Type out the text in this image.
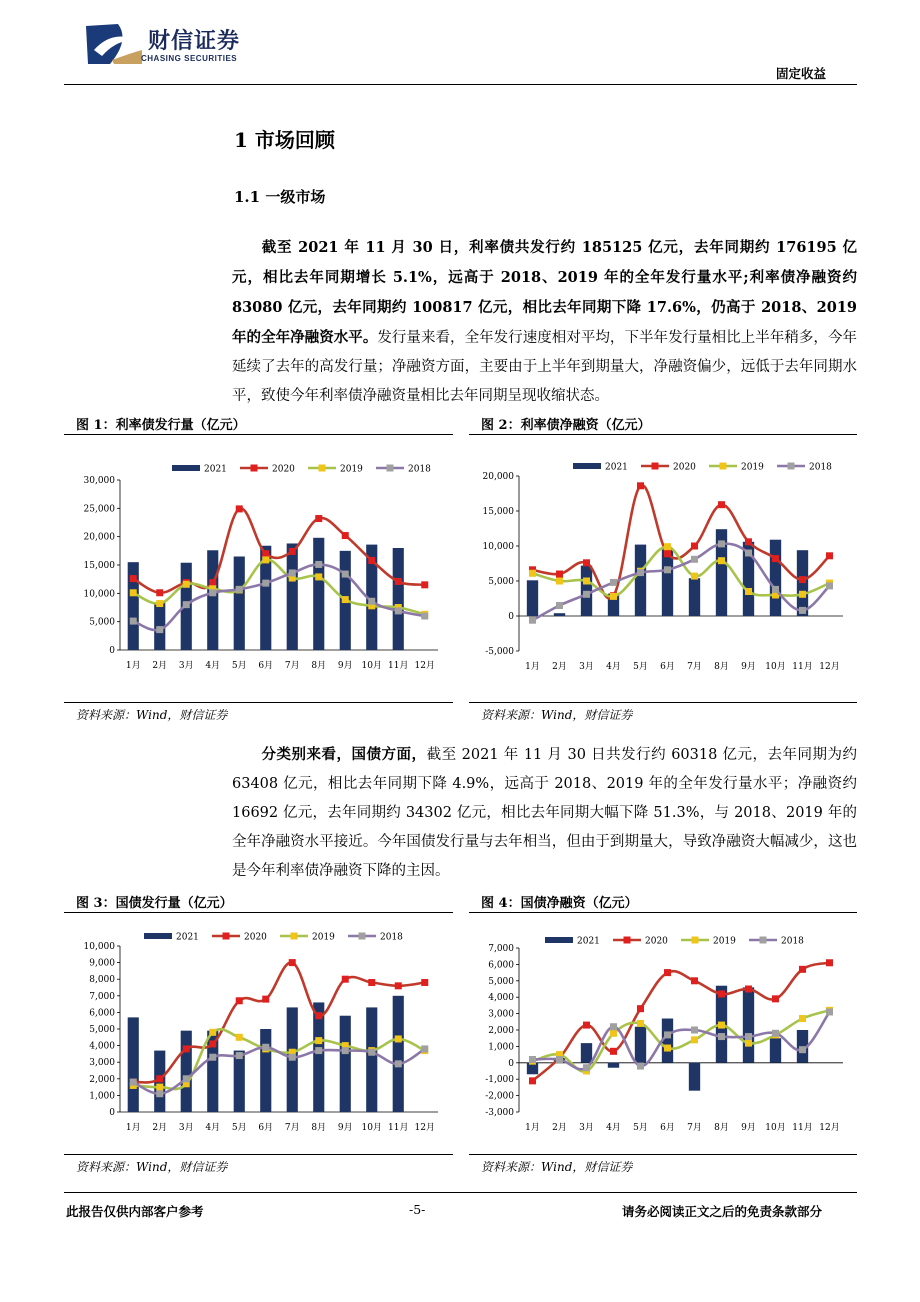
财信证券
CHASING SECURITIES
固定收益
1 市场回顾
1.1 一级市场
截至 2021 年 11 月 30 日，利率债共发行约 185125 亿元，去年同期约 176195 亿元，相比去年同期增长 5.1%，远高于 2018、2019 年的全年发行量水平;利率债净融资约 83080 亿元，去年同期约 100817 亿元，相比去年同期下降 17.6%，仍高于 2018、2019 年的全年净融资水平。发行量来看，全年发行速度相对平均，下半年发行量相比上半年稍多，今年延续了去年的高发行量；净融资方面，主要由于上半年到期量大，净融资偏少，远低于去年同期水平，致使今年利率债净融资量相比去年同期呈现收缩状态。
图 1：利率债发行量（亿元）	图 2：利率债净融资（亿元）
0
5,000
10,000
15,000
20,000
25,000
30,000
1月 2月 3月 4月 5月 6月 7月 8月 9月 10月 11月 12月
2021	2020	2019	2018
-5,000
0
5,000
10,000
15,000
20,000
1月 2月 3月 4月 5月 6月 7月 8月 9月 10月 11月 12月
2021	2020	2019	2018
资料来源：Wind，财信证券	资料来源：Wind，财信证券
分类别来看，国债方面，截至 2021 年 11 月 30 日共发行约 60318 亿元，去年同期为约 63408 亿元，相比去年同期下降 4.9%，远高于 2018、2019 年的全年发行量水平；净融资约 16692 亿元，去年同期约 34302 亿元，相比去年同期大幅下降 51.3%，与 2018、2019 年的全年净融资水平接近。今年国债发行量与去年相当，但由于到期量大，导致净融资大幅减少，这也是今年利率债净融资下降的主因。
图 3：国债发行量（亿元）	图 4：国债净融资（亿元）
0
1,000
2,000
3,000
4,000
5,000
6,000
7,000
8,000
9,000
10,000
1月 2月 3月 4月 5月 6月 7月 8月 9月 10月 11月 12月
2021	2020	2019	2018
-3,000
-2,000
-1,000
0
1,000
2,000
3,000
4,000
5,000
6,000
7,000
1月 2月 3月 4月 5月 6月 7月 8月 9月 10月 11月 12月
2021	2020	2019	2018
资料来源：Wind，财信证券	资料来源：Wind，财信证券
此报告仅供内部客户参考	-5-	请务必阅读正文之后的免责条款部分
